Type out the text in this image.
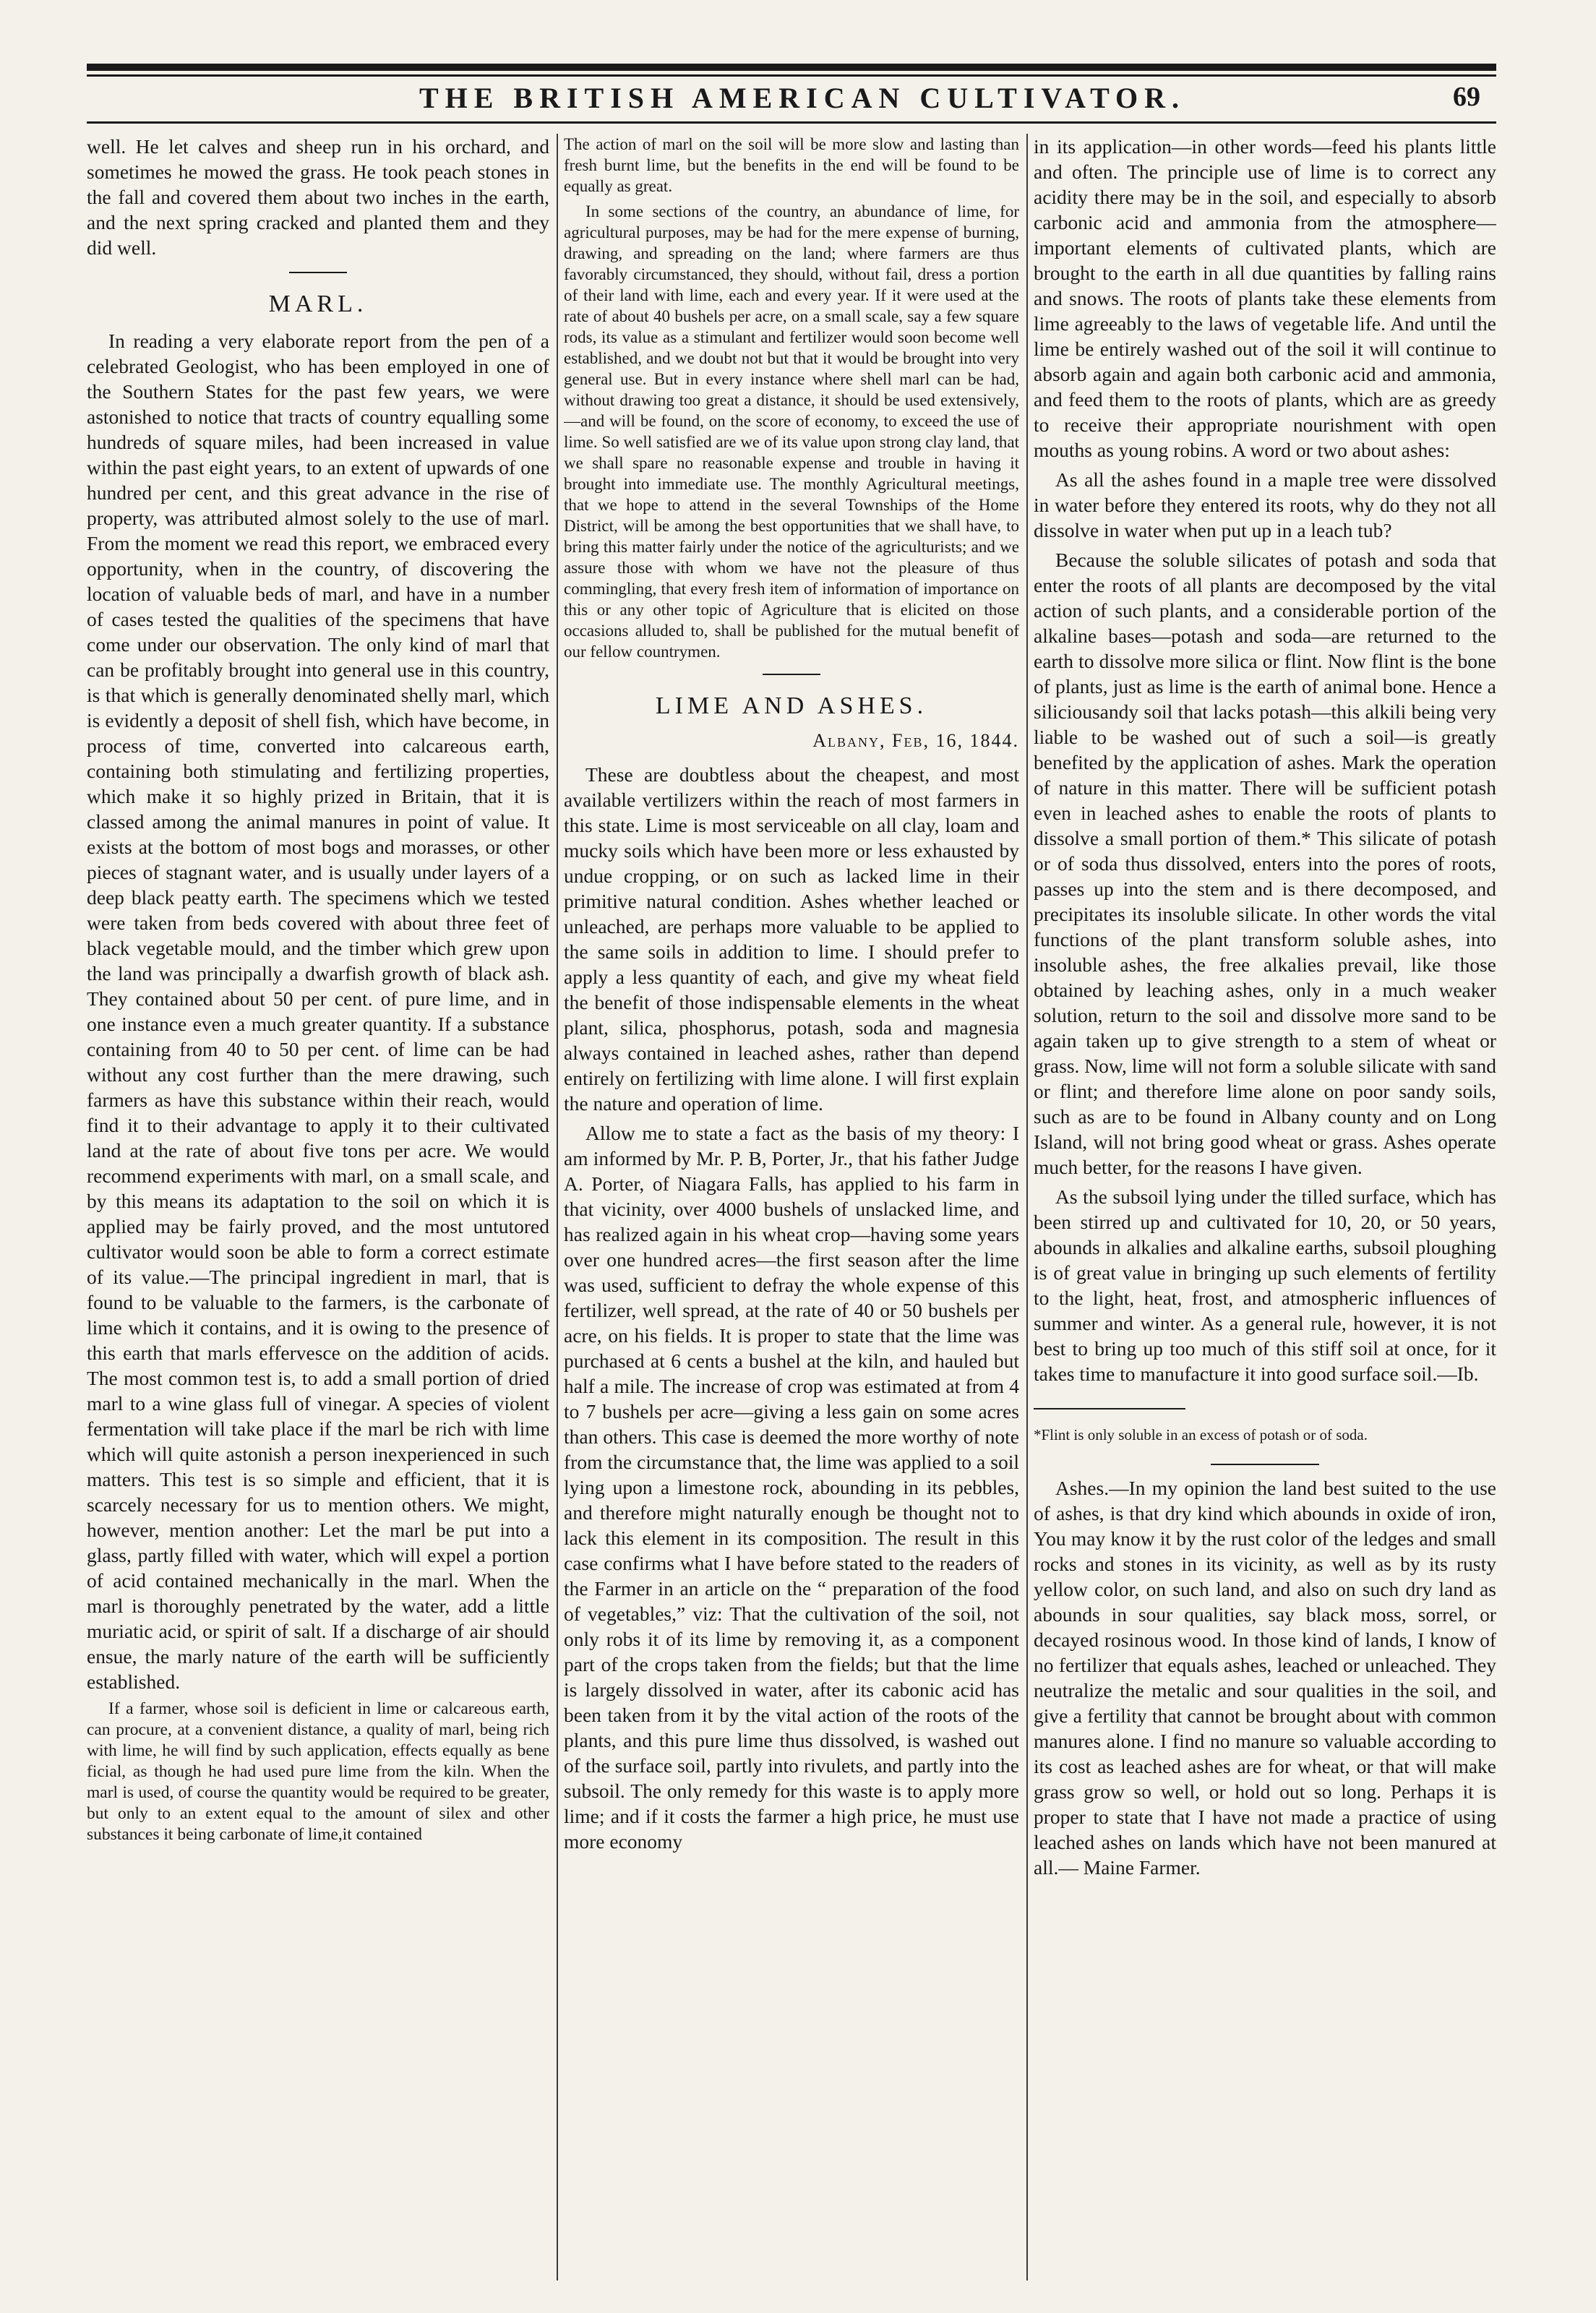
THE BRITISH AMERICAN CULTIVATOR.	69

well. He let calves and sheep run in his orchard, and sometimes he mowed the grass. He took peach stones in the fall and covered them about two inches in the earth, and the next spring cracked and planted them and they did well.

MARL.

In reading a very elaborate report from the pen of a celebrated Geologist, who has been employed in one of the Southern States for the past few years, we were astonished to notice that tracts of country equalling some hundreds of square miles, had been increased in value within the past eight years, to an extent of upwards of one hundred per cent, and this great advance in the rise of property, was attributed almost solely to the use of marl. From the moment we read this report, we embraced every opportunity, when in the country, of discovering the location of valuable beds of marl, and have in a number of cases tested the qualities of the specimens that have come under our observation. The only kind of marl that can be profitably brought into general use in this country, is that which is generally denominated shelly marl, which is evidently a deposit of shell fish, which have become, in process of time, converted into calcareous earth, containing both stimulating and fertilizing properties, which make it so highly prized in Britain, that it is classed among the animal manures in point of value. It exists at the bottom of most bogs and morasses, or other pieces of stagnant water, and is usually under layers of a deep black peatty earth. The specimens which we tested were taken from beds covered with about three feet of black vegetable mould, and the timber which grew upon the land was principally a dwarfish growth of black ash. They contained about 50 per cent. of pure lime, and in one instance even a much greater quantity. If a substance containing from 40 to 50 per cent. of lime can be had without any cost further than the mere drawing, such farmers as have this substance within their reach, would find it to their advantage to apply it to their cultivated land at the rate of about five tons per acre. We would recommend experiments with marl, on a small scale, and by this means its adaptation to the soil on which it is applied may be fairly proved, and the most untutored cultivator would soon be able to form a correct estimate of its value.—The principal ingredient in marl, that is found to be valuable to the farmers, is the carbonate of lime which it contains, and it is owing to the presence of this earth that marls effervesce on the addition of acids. The most common test is, to add a small portion of dried marl to a wine glass full of vinegar. A species of violent fermentation will take place if the marl be rich with lime which will quite astonish a person inexperienced in such matters. This test is so simple and efficient, that it is scarcely necessary for us to mention others. We might, however, mention another: Let the marl be put into a glass, partly filled with water, which will expel a portion of acid contained mechanically in the marl. When the marl is thoroughly penetrated by the water, add a little muriatic acid, or spirit of salt. If a discharge of air should ensue, the marly nature of the earth will be sufficiently established.

If a farmer, whose soil is deficient in lime or calcareous earth, can procure, at a convenient distance, a quality of marl, being rich with lime, he will find by such application, effects equally as bene ficial, as though he had used pure lime from the kiln. When the marl is used, of course the quantity would be required to be greater, but only to an extent equal to the amount of silex and other substances it being carbonate of lime,it contained

The action of marl on the soil will be more slow and lasting than fresh burnt lime, but the benefits in the end will be found to be equally as great.

In some sections of the country, an abundance of lime, for agricultural purposes, may be had for the mere expense of burning, drawing, and spreading on the land; where farmers are thus favorably circumstanced, they should, without fail, dress a portion of their land with lime, each and every year. If it were used at the rate of about 40 bushels per acre, on a small scale, say a few square rods, its value as a stimulant and fertilizer would soon become well established, and we doubt not but that it would be brought into very general use. But in every instance where shell marl can be had, without drawing too great a distance, it should be used extensively,—and will be found, on the score of economy, to exceed the use of lime. So well satisfied are we of its value upon strong clay land, that we shall spare no reasonable expense and trouble in having it brought into immediate use. The monthly Agricultural meetings, that we hope to attend in the several Townships of the Home District, will be among the best opportunities that we shall have, to bring this matter fairly under the notice of the agriculturists; and we assure those with whom we have not the pleasure of thus commingling, that every fresh item of information of importance on this or any other topic of Agriculture that is elicited on those occasions alluded to, shall be published for the mutual benefit of our fellow countrymen.

LIME AND ASHES.
Albany, Feb, 16, 1844.

These are doubtless about the cheapest, and most available vertilizers within the reach of most farmers in this state. Lime is most serviceable on all clay, loam and mucky soils which have been more or less exhausted by undue cropping, or on such as lacked lime in their primitive natural condition. Ashes whether leached or unleached, are perhaps more valuable to be applied to the same soils in addition to lime. I should prefer to apply a less quantity of each, and give my wheat field the benefit of those indispensable elements in the wheat plant, silica, phosphorus, potash, soda and magnesia always contained in leached ashes, rather than depend entirely on fertilizing with lime alone. I will first explain the nature and operation of lime.

Allow me to state a fact as the basis of my theory: I am informed by Mr. P. B, Porter, Jr., that his father Judge A. Porter, of Niagara Falls, has applied to his farm in that vicinity, over 4000 bushels of unslacked lime, and has realized again in his wheat crop—having some years over one hundred acres—the first season after the lime was used, sufficient to defray the whole expense of this fertilizer, well spread, at the rate of 40 or 50 bushels per acre, on his fields. It is proper to state that the lime was purchased at 6 cents a bushel at the kiln, and hauled but half a mile. The increase of crop was estimated at from 4 to 7 bushels per acre—giving a less gain on some acres than others. This case is deemed the more worthy of note from the circumstance that, the lime was applied to a soil lying upon a limestone rock, abounding in its pebbles, and therefore might naturally enough be thought not to lack this element in its composition. The result in this case confirms what I have before stated to the readers of the Farmer in an article on the “ preparation of the food of vegetables,” viz: That the cultivation of the soil, not only robs it of its lime by removing it, as a component part of the crops taken from the fields; but that the lime is largely dissolved in water, after its cabonic acid has been taken from it by the vital action of the roots of the plants, and this pure lime thus dissolved, is washed out of the surface soil, partly into rivulets, and partly into the subsoil. The only remedy for this waste is to apply more lime; and if it costs the farmer a high price, he must use more economy

in its application—in other words—feed his plants little and often. The principle use of lime is to correct any acidity there may be in the soil, and especially to absorb carbonic acid and ammonia from the atmosphere—important elements of cultivated plants, which are brought to the earth in all due quantities by falling rains and snows. The roots of plants take these elements from lime agreeably to the laws of vegetable life. And until the lime be entirely washed out of the soil it will continue to absorb again and again both carbonic acid and ammonia, and feed them to the roots of plants, which are as greedy to receive their appropriate nourishment with open mouths as young robins. A word or two about ashes:

As all the ashes found in a maple tree were dissolved in water before they entered its roots, why do they not all dissolve in water when put up in a leach tub?

Because the soluble silicates of potash and soda that enter the roots of all plants are decomposed by the vital action of such plants, and a considerable portion of the alkaline bases—potash and soda—are returned to the earth to dissolve more silica or flint. Now flint is the bone of plants, just as lime is the earth of animal bone. Hence a siliciousandy soil that lacks potash—this alkili being very liable to be washed out of such a soil—is greatly benefited by the application of ashes. Mark the operation of nature in this matter. There will be sufficient potash even in leached ashes to enable the roots of plants to dissolve a small portion of them.* This silicate of potash or of soda thus dissolved, enters into the pores of roots, passes up into the stem and is there decomposed, and precipitates its insoluble silicate. In other words the vital functions of the plant transform soluble ashes, into insoluble ashes, the free alkalies prevail, like those obtained by leaching ashes, only in a much weaker solution, return to the soil and dissolve more sand to be again taken up to give strength to a stem of wheat or grass. Now, lime will not form a soluble silicate with sand or flint; and therefore lime alone on poor sandy soils, such as are to be found in Albany county and on Long Island, will not bring good wheat or grass. Ashes operate much better, for the reasons I have given.

As the subsoil lying under the tilled surface, which has been stirred up and cultivated for 10, 20, or 50 years, abounds in alkalies and alkaline earths, subsoil ploughing is of great value in bringing up such elements of fertility to the light, heat, frost, and atmospheric influences of summer and winter. As a general rule, however, it is not best to bring up too much of this stiff soil at once, for it takes time to manufacture it into good surface soil.—Ib.

*Flint is only soluble in an excess of potash or of soda.

Ashes.—In my opinion the land best suited to the use of ashes, is that dry kind which abounds in oxide of iron, You may know it by the rust color of the ledges and small rocks and stones in its vicinity, as well as by its rusty yellow color, on such land, and also on such dry land as abounds in sour qualities, say black moss, sorrel, or decayed rosinous wood. In those kind of lands, I know of no fertilizer that equals ashes, leached or unleached. They neutralize the metalic and sour qualities in the soil, and give a fertility that cannot be brought about with common manures alone. I find no manure so valuable according to its cost as leached ashes are for wheat, or that will make grass grow so well, or hold out so long. Perhaps it is proper to state that I have not made a practice of using leached ashes on lands which have not been manured at all.— Maine Farmer.
